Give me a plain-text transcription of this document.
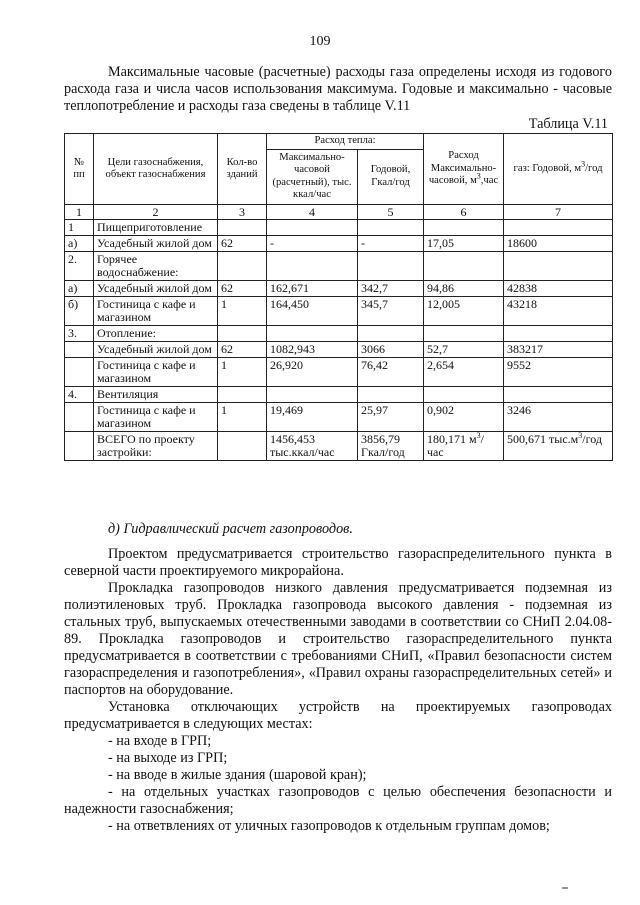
109

Максимальные часовые (расчетные) расходы газа определены исходя из годового расхода газа и числа часов использования максимума. Годовые и максимально - часовые теплопотребление и расходы газа сведены в таблице V.11

Таблица V.11
№ пп	Цели газоснабжения, объект газоснабжения	Кол-во зданий	Расход тепла:		Расход Максимально-часовой, $м^3,час$	газ: Годовой, $м^3$/год
			Максимально-часовой (расчетный), тыс. ккал/час	Годовой, Гкал/год		
1	2	3	4	5	6	7
1	Пищеприготовление					
а)	Усадебный жилой дом	62	-	-	17,05	18600
2.	Горячее водоснабжение:					
а)	Усадебный жилой дом	62	162,671	342,7	94,86	42838
б)	Гостиница с кафе и магазином	1	164,450	345,7	12,005	43218
3.	Отопление:					
	Усадебный жилой дом	62	1082,943	3066	52,7	383217
	Гостиница с кафе и магазином	1	26,920	76,42	2,654	9552
4.	Вентиляция					
	Гостиница с кафе и магазином	1	19,469	25,97	0,902	3246
	ВСЕГО по проекту застройки:		1456,453 тыс.ккал/час	3856,79 Гкал/год	180,171 $м^3$/час	500,671 $тыс.м^3$/год
д) Гидравлический расчет газопроводов.

Проектом предусматривается строительство газораспределительного пункта в северной части проектируемого микрорайона.

Прокладка газопроводов низкого давления предусматривается подземная из полиэтиленовых труб. Прокладка газопровода высокого давления - подземная из стальных труб, выпускаемых отечественными заводами в соответствии со СНиП 2.04.08-89. Прокладка газопроводов и строительство газораспределительного пункта предусматривается в соответствии с требованиями СНиП, «Правил безопасности систем газораспределения и газопотребления», «Правил охраны газораспределительных сетей» и паспортов на оборудование.

Установка отключающих устройств на проектируемых газопроводах предусматривается в следующих местах:

- на входе в ГРП;
- на выходе из ГРП;
- на вводе в жилые здания (шаровой кран);
- на отдельных участках газопроводов с целью обеспечения безопасности и надежности газоснабжения;
- на ответвлениях от уличных газопроводов к отдельным группам домов;
